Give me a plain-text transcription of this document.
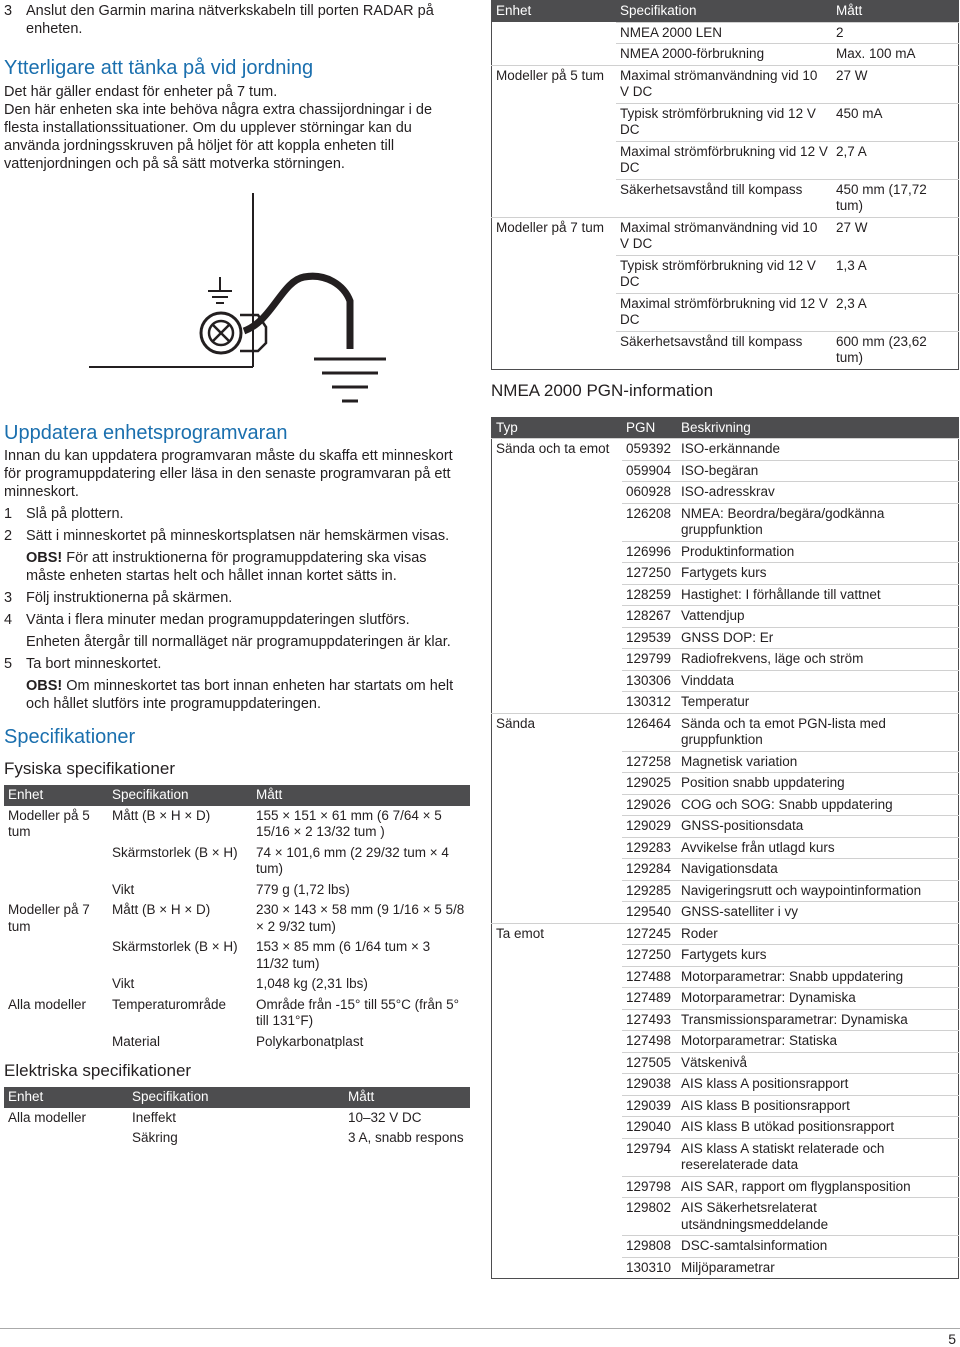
3 Anslut den Garmin marina nätverkskabeln till porten RADAR på enheten.

Ytterligare att tänka på vid jordning

Det här gäller endast för enheter på 7 tum.

Den här enheten ska inte behöva några extra chassijordningar i de flesta installationssituationer. Om du upplever störningar kan du använda jordningsskruven på höljet för att koppla enheten till vattenjordningen och på så sätt motverka störningen.

Uppdatera enhetsprogramvaran

Innan du kan uppdatera programvaran måste du skaffa ett minneskort för programuppdatering eller läsa in den senaste programvaran på ett minneskort.

1 Slå på plottern.

2 Sätt i minneskortet på minneskortsplatsen när hemskärmen visas.

OBS! För att instruktionerna för programuppdatering ska visas måste enheten startas helt och hållet innan kortet sätts in.

3 Följ instruktionerna på skärmen.

4 Vänta i flera minuter medan programuppdateringen slutförs.

Enheten återgår till normalläget när programuppdateringen är klar.

5 Ta bort minneskortet.

OBS! Om minneskortet tas bort innan enheten har startats om helt och hållet slutförs inte programuppdateringen.

Specifikationer
Fysiska specifikationer
Enhet	Specifikation	Mått
Modeller på 5 tum	Mått (B × H × D)	155 × 151 × 61 mm (6 7/64 × 5 15/16 × 2 13/32 tum )
	Skärmstorlek (B × H)	74 × 101,6 mm (2 29/32 tum × 4 tum)
	Vikt	779 g (1,72 lbs)
Modeller på 7 tum	Mått (B × H × D)	230 × 143 × 58 mm (9 1/16 × 5 5/8 × 2 9/32 tum)
	Skärmstorlek (B × H)	153 × 85 mm (6 1/64 tum × 3 11/32 tum)
	Vikt	1,048 kg (2,31 lbs)
Alla modeller	Temperaturområde	Område från -15° till 55°C (från 5° till 131°F)
	Material	Polykarbonatplast
Elektriska specifikationer
Enhet	Specifikation	Mått
Alla modeller	Ineffekt	10–32 V DC
	Säkring	3 A, snabb respons
Enhet	Specifikation	Mått
	NMEA 2000 LEN	2
	NMEA 2000-förbrukning	Max. 100 mA
Modeller på 5 tum	Maximal strömanvändning vid 10 V DC	27 W
	Typisk strömförbrukning vid 12 V DC	450 mA
	Maximal strömförbrukning vid 12 V DC	2,7 A
	Säkerhetsavstånd till kompass	450 mm (17,72 tum)
Modeller på 7 tum	Maximal strömanvändning vid 10 V DC	27 W
	Typisk strömförbrukning vid 12 V DC	1,3 A
	Maximal strömförbrukning vid 12 V DC	2,3 A
	Säkerhetsavstånd till kompass	600 mm (23,62 tum)
NMEA 2000 PGN-information
Typ	PGN	Beskrivning
Sända och ta emot	059392	ISO-erkännande
	059904	ISO-begäran
	060928	ISO-adresskrav
	126208	NMEA: Beordra/begära/godkänna gruppfunktion
	126996	Produktinformation
	127250	Fartygets kurs
	128259	Hastighet: I förhållande till vattnet
	128267	Vattendjup
	129539	GNSS DOP: Er
	129799	Radiofrekvens, läge och ström
	130306	Vinddata
	130312	Temperatur
Sända	126464	Sända och ta emot PGN-lista med gruppfunktion
	127258	Magnetisk variation
	129025	Position snabb uppdatering
	129026	COG och SOG: Snabb uppdatering
	129029	GNSS-positionsdata
	129283	Avvikelse från utlagd kurs
	129284	Navigationsdata
	129285	Navigeringsrutt och waypointinformation
	129540	GNSS-satelliter i vy
Ta emot	127245	Roder
	127250	Fartygets kurs
	127488	Motorparametrar: Snabb uppdatering
	127489	Motorparametrar: Dynamiska
	127493	Transmissionsparametrar: Dynamiska
	127498	Motorparametrar: Statiska
	127505	Vätskenivå
	129038	AIS klass A positionsrapport
	129039	AIS klass B positionsrapport
	129040	AIS klass B utökad positionsrapport
	129794	AIS klass A statiskt relaterade och reserelaterade data
	129798	AIS SAR, rapport om flygplansposition
	129802	AIS Säkerhetsrelaterat utsändningsmeddelande
	129808	DSC-samtalsinformation
	130310	Miljöparametrar
5
